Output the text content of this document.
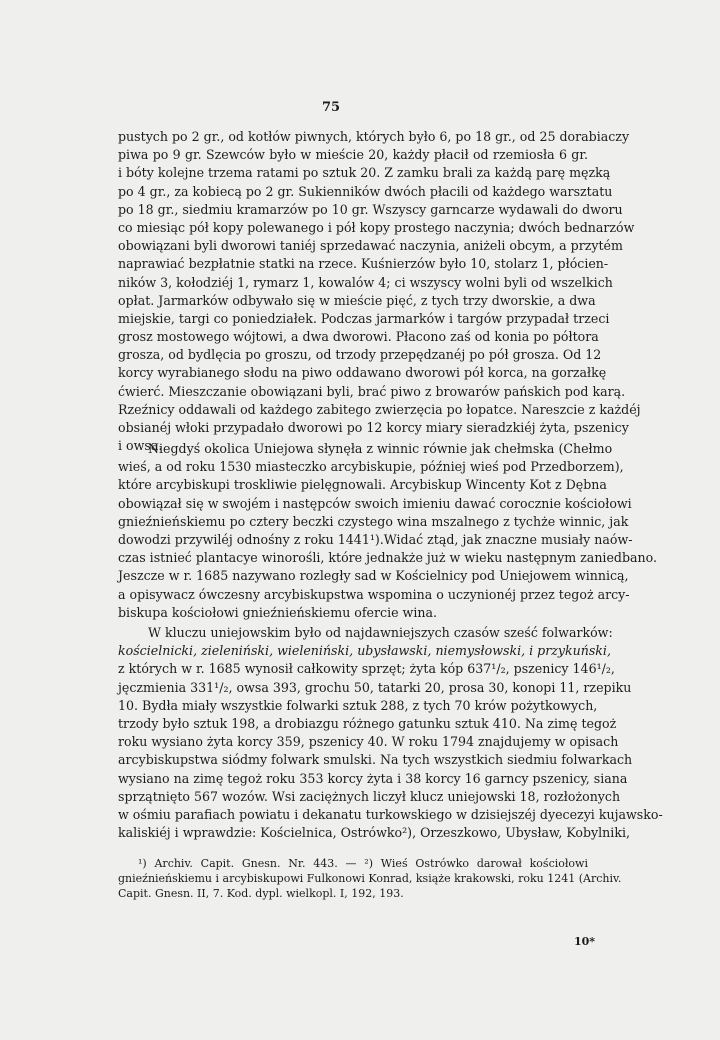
75
pustych po 2 gr., od kotłów piwnych, których było 6, po 18 gr., od 25 dorabiaczy
piwa po 9 gr. Szewców było w mieście 20, każdy płacił od rzemiosła 6 gr.
i bóty kolejne trzema ratami po sztuk 20. Z zamku brali za każdą parę męzką
po 4 gr., za kobiecą po 2 gr. Sukienników dwóch płacili od każdego warsztatu
po 18 gr., siedmiu kramarzów po 10 gr. Wszyscy garncarze wydawali do dworu
co miesiąc pół kopy polewanego i pół kopy prostego naczynia; dwóch bednarzów
obowiązani byli dworowi taniéj sprzedawać naczynia, aniżeli obcym, a przytém
naprawiać bezpłatnie statki na rzece. Kuśnierzów było 10, stolarz 1, płócien-
ników 3, kołodziéj 1, rymarz 1, kowalów 4; ci wszyscy wolni byli od wszelkich
opłat. Jarmarków odbywało się w mieście pięć, z tych trzy dworskie, a dwa
miejskie, targi co poniedziałek. Podczas jarmarków i targów przypadał trzeci
grosz mostowego wójtowi, a dwa dworowi. Płacono zaś od konia po półtora
grosza, od bydlęcia po groszu, od trzody przepędzanéj po pół grosza. Od 12
korcy wyrabianego słodu na piwo oddawano dworowi pół korca, na gorzałkę
ćwierć. Mieszczanie obowiązani byli, brać piwo z browarów pańskich pod karą.
Rzeźnicy oddawali od każdego zabitego zwierzęcia po łopatce. Nareszcie z każdéj
obsianéj włoki przypadało dworowi po 12 korcy miary sieradzkiéj żyta, pszenicy
i owsa.
Niegdyś okolica Uniejowa słynęła z winnic równie jak chełmska (Chełmo
wieś, a od roku 1530 miasteczko arcybiskupie, później wieś pod Przedborzem),
które arcybiskupi troskliwie pielęgnowali. Arcybiskup Wincenty Kot z Dębna
obowiązał się w swojém i następców swoich imieniu dawać corocznie kościołowi
gnieźnieńskiemu po cztery beczki czystego wina mszalnego z tychże winnic, jak
dowodzi przywiléj odnośny z roku 1441¹).Widać ztąd, jak znaczne musiały naów-
czas istnieć plantacye winorośli, które jednakże już w wieku następnym zaniedbano.
Jeszcze w r. 1685 nazywano rozległy sad w Kościelnicy pod Uniejowem winnicą,
a opisywacz ówczesny arcybiskupstwa wspomina o uczynionéj przez tegoż arcy-
biskupa kościołowi gnieźnieńskiemu ofercie wina.
W kluczu uniejowskim było od najdawniejszych czasów sześć folwarków:
kościelnicki, zieleniński, wieleniński, ubysławski, niemysłowski, i przykuński,
z których w r. 1685 wynosił całkowity sprzęt; żyta kóp 637¹/₂, pszenicy 146¹/₂,
jęczmienia 331¹/₂, owsa 393, grochu 50, tatarki 20, prosa 30, konopi 11, rzepiku
10. Bydła miały wszystkie folwarki sztuk 288, z tych 70 krów pożytkowych,
trzody było sztuk 198, a drobiazgu różnego gatunku sztuk 410. Na zimę tegoż
roku wysiano żyta korcy 359, pszenicy 40. W roku 1794 znajdujemy w opisach
arcybiskupstwa siódmy folwark smulski. Na tych wszystkich siedmiu folwarkach
wysiano na zimę tegoż roku 353 korcy żyta i 38 korcy 16 garncy pszenicy, siana
sprzątnięto 567 wozów. Wsi zaciężnych liczył klucz uniejowski 18, rozłożonych
w ośmiu parafiach powiatu i dekanatu turkowskiego w dzisiejszéj dyecezyi kujawsko-
kaliskiéj i wprawdzie: Kościelnica, Ostrówko²), Orzeszkowo, Ubysław, Kobylniki,
¹) Archiv. Capit. Gnesn. Nr. 443. — ²) Wieś Ostrówko darował kościołowi
gnieźnieńskiemu i arcybiskupowi Fulkonowi Konrad, książe krakowski, roku 1241 (Archiv.
Capit. Gnesn. II, 7. Kod. dypl. wielkopl. I, 192, 193.
10*
